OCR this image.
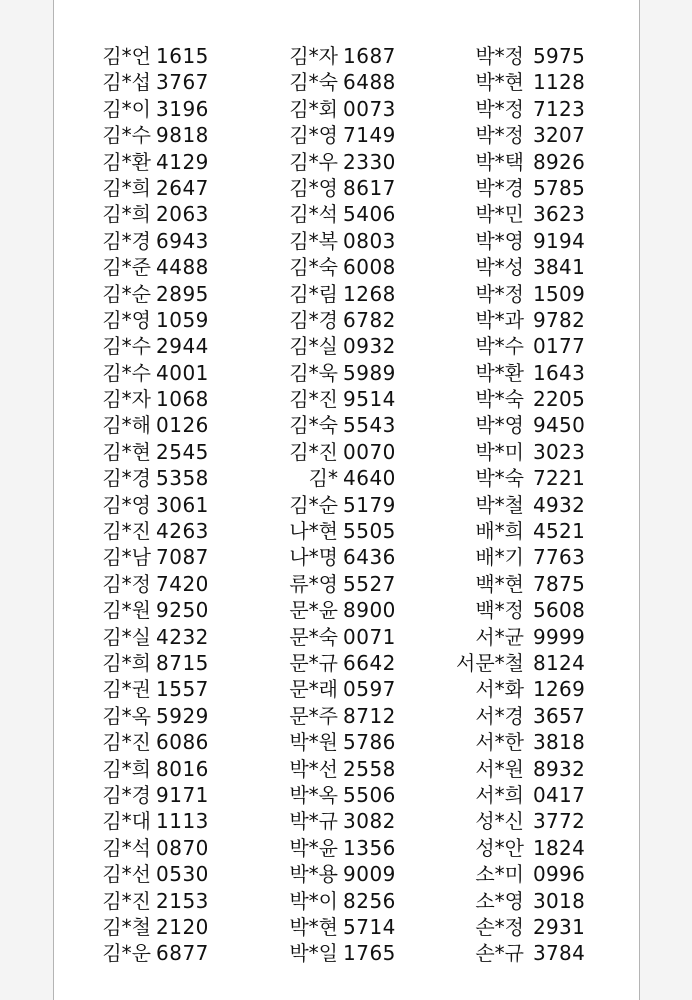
김*언 1615
김*섭 3767
김*이 3196
김*수 9818
김*환 4129
김*희 2647
김*희 2063
김*경 6943
김*준 4488
김*순 2895
김*영 1059
김*수 2944
김*수 4001
김*자 1068
김*해 0126
김*현 2545
김*경 5358
김*영 3061
김*진 4263
김*남 7087
김*정 7420
김*원 9250
김*실 4232
김*희 8715
김*권 1557
김*옥 5929
김*진 6086
김*희 8016
김*경 9171
김*대 1113
김*석 0870
김*선 0530
김*진 2153
김*철 2120
김*운 6877
김*자 1687
김*숙 6488
김*회 0073
김*영 7149
김*우 2330
김*영 8617
김*석 5406
김*복 0803
김*숙 6008
김*림 1268
김*경 6782
김*실 0932
김*욱 5989
김*진 9514
김*숙 5543
김*진 0070
김* 4640
김*순 5179
나*현 5505
나*명 6436
류*영 5527
문*윤 8900
문*숙 0071
문*규 6642
문*래 0597
문*주 8712
박*원 5786
박*선 2558
박*옥 5506
박*규 3082
박*윤 1356
박*용 9009
박*이 8256
박*현 5714
박*일 1765
박*정 5975
박*현 1128
박*정 7123
박*정 3207
박*택 8926
박*경 5785
박*민 3623
박*영 9194
박*성 3841
박*정 1509
박*과 9782
박*수 0177
박*환 1643
박*숙 2205
박*영 9450
박*미 3023
박*숙 7221
박*철 4932
배*희 4521
배*기 7763
백*현 7875
백*정 5608
서*균 9999
서문*철 8124
서*화 1269
서*경 3657
서*한 3818
서*원 8932
서*희 0417
성*신 3772
성*안 1824
소*미 0996
소*영 3018
손*정 2931
손*규 3784
